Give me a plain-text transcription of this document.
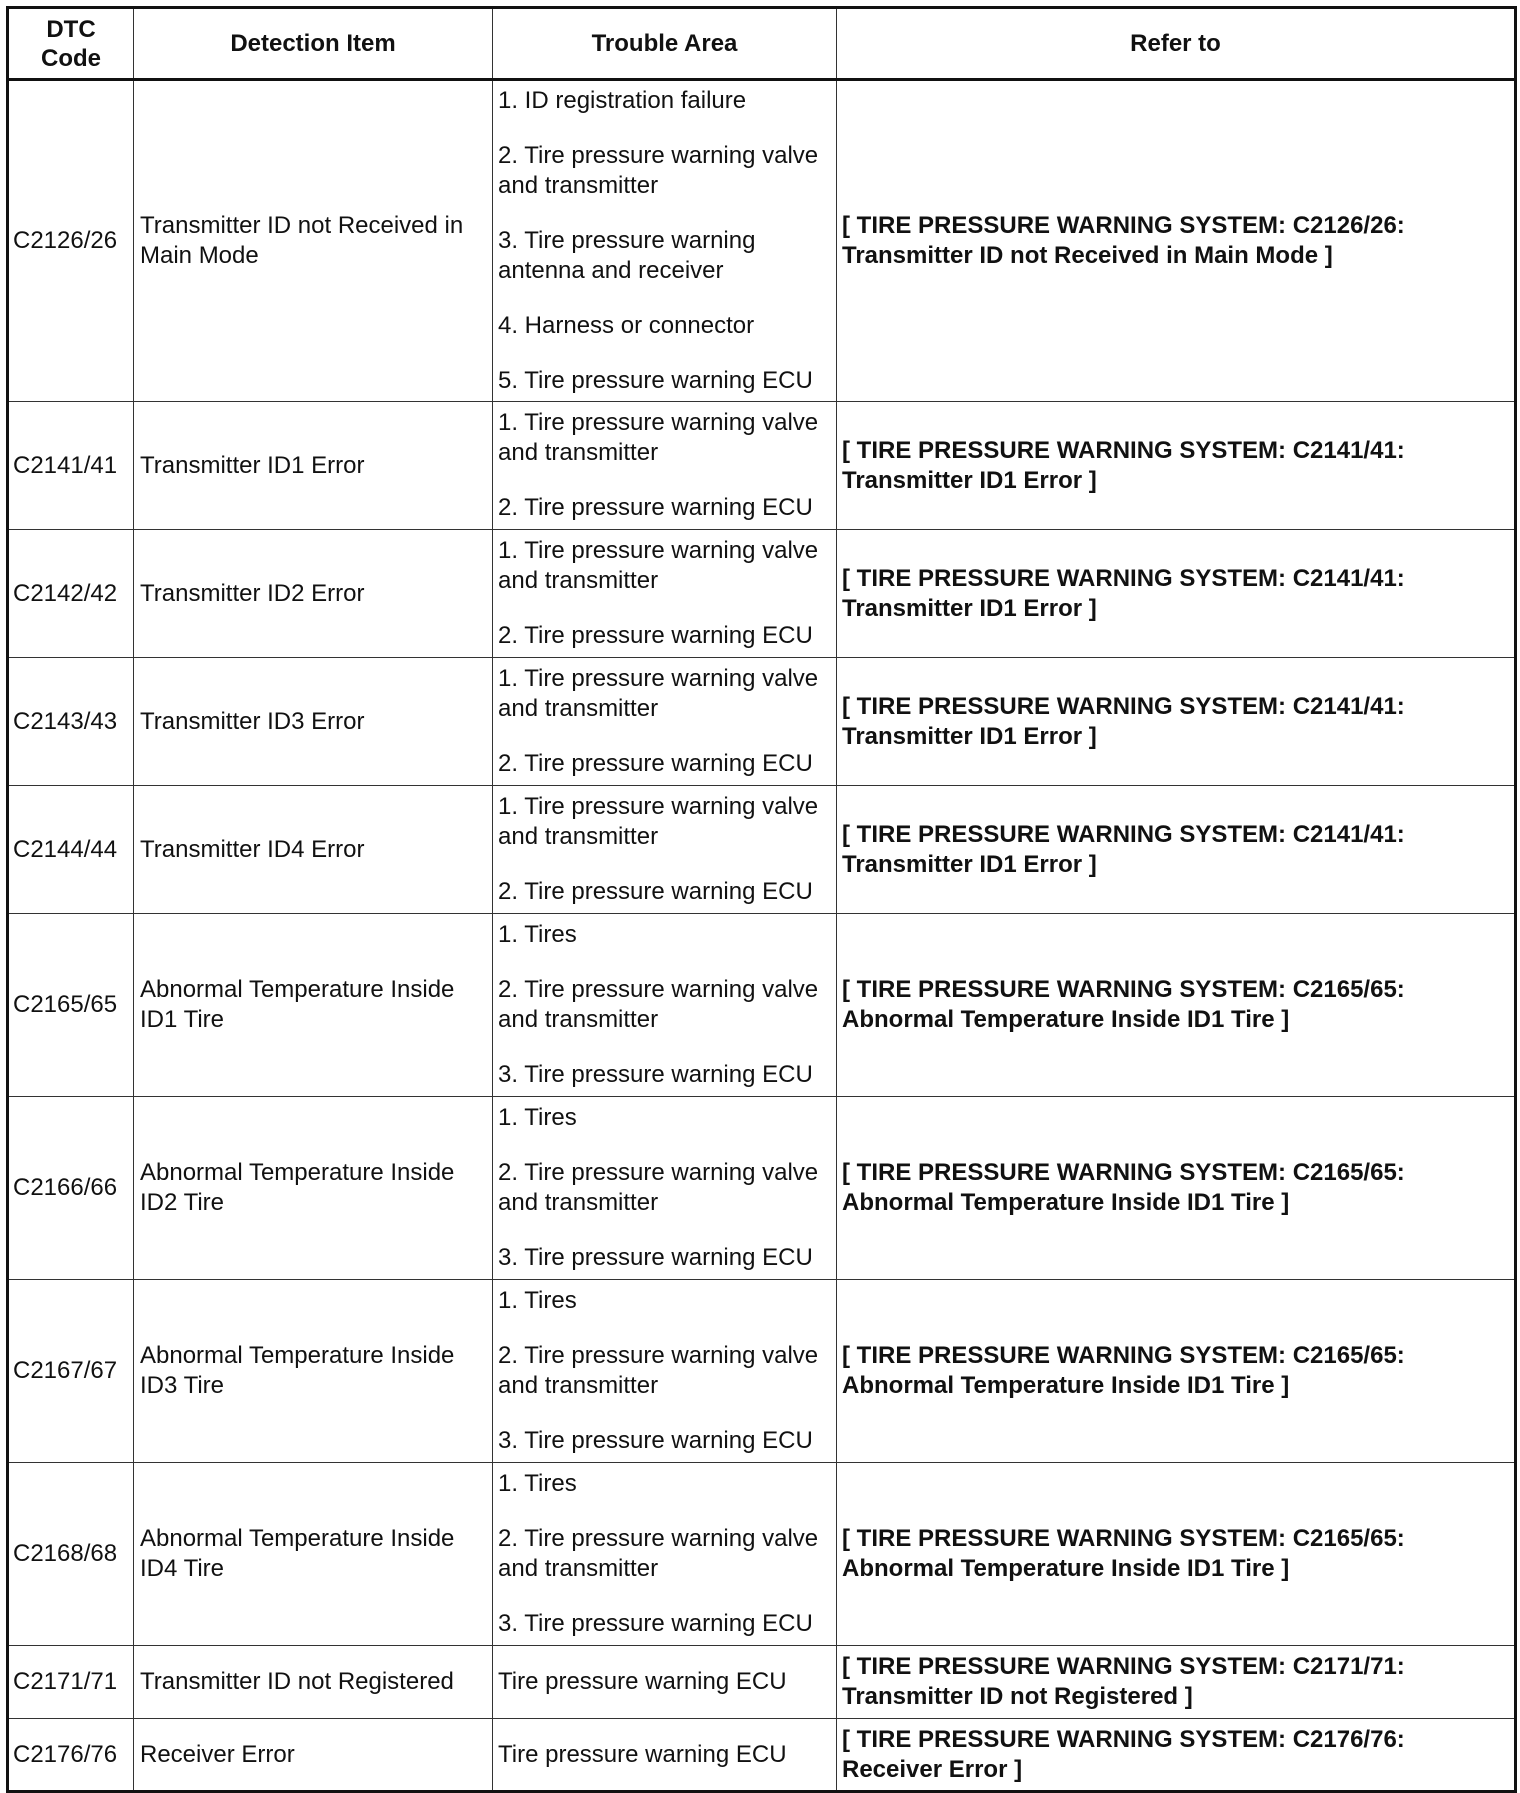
DTC
Code	Detection Item	Trouble Area	Refer to
C2126/26	Transmitter ID not Received in Main Mode	1. ID registration failure
2. Tire pressure warning valve and transmitter
3. Tire pressure warning antenna and receiver
4. Harness or connector
5. Tire pressure warning ECU	[ TIRE PRESSURE WARNING SYSTEM: C2126/26: Transmitter ID not Received in Main Mode ]
C2141/41	Transmitter ID1 Error	1. Tire pressure warning valve and transmitter
2. Tire pressure warning ECU	[ TIRE PRESSURE WARNING SYSTEM: C2141/41: Transmitter ID1 Error ]
C2142/42	Transmitter ID2 Error	1. Tire pressure warning valve and transmitter
2. Tire pressure warning ECU	[ TIRE PRESSURE WARNING SYSTEM: C2141/41: Transmitter ID1 Error ]
C2143/43	Transmitter ID3 Error	1. Tire pressure warning valve and transmitter
2. Tire pressure warning ECU	[ TIRE PRESSURE WARNING SYSTEM: C2141/41: Transmitter ID1 Error ]
C2144/44	Transmitter ID4 Error	1. Tire pressure warning valve and transmitter
2. Tire pressure warning ECU	[ TIRE PRESSURE WARNING SYSTEM: C2141/41: Transmitter ID1 Error ]
C2165/65	Abnormal Temperature Inside ID1 Tire	1. Tires
2. Tire pressure warning valve and transmitter
3. Tire pressure warning ECU	[ TIRE PRESSURE WARNING SYSTEM: C2165/65: Abnormal Temperature Inside ID1 Tire ]
C2166/66	Abnormal Temperature Inside ID2 Tire	1. Tires
2. Tire pressure warning valve and transmitter
3. Tire pressure warning ECU	[ TIRE PRESSURE WARNING SYSTEM: C2165/65: Abnormal Temperature Inside ID1 Tire ]
C2167/67	Abnormal Temperature Inside ID3 Tire	1. Tires
2. Tire pressure warning valve and transmitter
3. Tire pressure warning ECU	[ TIRE PRESSURE WARNING SYSTEM: C2165/65: Abnormal Temperature Inside ID1 Tire ]
C2168/68	Abnormal Temperature Inside ID4 Tire	1. Tires
2. Tire pressure warning valve and transmitter
3. Tire pressure warning ECU	[ TIRE PRESSURE WARNING SYSTEM: C2165/65: Abnormal Temperature Inside ID1 Tire ]
C2171/71	Transmitter ID not Registered	Tire pressure warning ECU	[ TIRE PRESSURE WARNING SYSTEM: C2171/71: Transmitter ID not Registered ]
C2176/76	Receiver Error	Tire pressure warning ECU	[ TIRE PRESSURE WARNING SYSTEM: C2176/76: Receiver Error ]
